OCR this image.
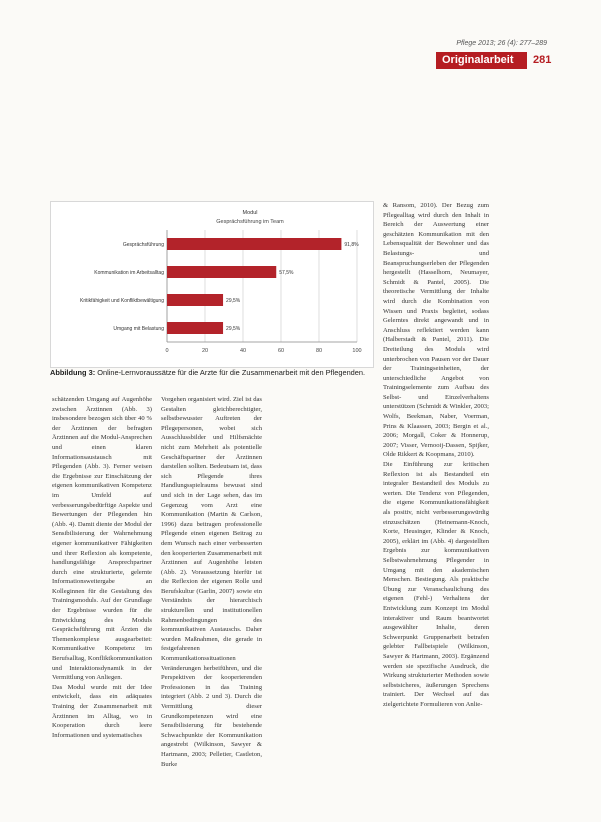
Pflege 2013; 26 (4): 277–289
Originalarbeit	281
Modul
Gesprächsführung im Team
Gesprächsführung	91,8%
Kommunikation im Arbeitsalltag	57,5%
Kritikfähigkeit und Konfliktbewältigung	29,5%
Umgang mit Belastung	29,5%
0	20	40	60	80	100
Abbildung 3: Online-Lernvoraussätze für die Arzte für die Zusammenarbeit mit den Pflegenden.

schätzenden Umgang auf Augenhöhe zwischen Ärztinnen (Abb. 3) insbesondere bezogen sich über 40 % der Ärztinnen der befragten Ärztinnen auf die Modul-Ansprechen und einen klaren Informationsaustausch mit Pflegenden (Abb. 3). Ferner weisen die Ergebnisse zur Einschätzung der eigenen kommunikativen Kompetenz im Umfeld auf verbesserungsbedürftige Aspekte und Bewertungen der Pflegenden hin (Abb. 4). Damit diente der Modul der Sensibilisierung der Wahrnehmung eigener kommunikativer Fähigkeiten und ihrer Reflexion als kompetente, handlungsfähige Ansprechpartner durch eine strukturierte, gelernte Informationsweitergabe an Kolleginnen für die Gestaltung des Trainingsmoduls. Auf der Grundlage der Ergebnisse wurden für die Entwicklung des Moduls Gesprächsführung mit Ärzten die Themenkomplexe ausgearbeitet: Kommunikative Kompetenz im Berufsalltag, Konfliktkommunikation und Interaktionsdynamik in der Vermittlung von Anliegen.

Das Modul wurde mit der Idee entwickelt, dass ein adäquates Training der Zusammenarbeit mit Ärztinnen im Alltag, wo in Kooperation durch leere Informationen und systematisches

Vorgehen organisiert wird. Ziel ist das Gestalten gleichberechtigter, selbstbewusster Auftreten der Pflegepersonen, wobei sich Ausschlussbilder und Hilfsmächte nicht zum Mehrheit als potentielle Geschäftspartner der Ärztinnen darstellen sollten. Bedeutsam ist, dass sich Pflegende ihres Handlungsspielraums bewusst sind und sich in der Lage sehen, das im Gegenzug vom Arzt eine Kommunikation (Martin & Carlson, 1996) dazu beitragen professionelle Pflegende einen eigenen Beitrag zu dem Wunsch nach einer verbesserten den kooperierten Zusammenarbeit mit Ärztinnen auf Augenhöhe leisten (Abb. 2). Voraussetzung hierfür ist die Reflexion der eigenen Rolle und Berufskultur (Garlin, 2007) sowie ein Verständnis der hierarchisch strukturellen und institutionellen Rahmenbedingungen des kommunikativen Austauschs. Daher wurden Maßnahmen, die gerade in festgefahrenen Kommunikationssituationen Veränderungen herbeiführen, und die Perspektiven der kooperierenden Professionen in das Training integriert (Abb. 2 und 3). Durch die Vermittlung dieser Grundkompetenzen wird eine Sensibilisierung für bestehende Schwachpunkte der Kommunikation angestrebt (Wilkinson, Sawyer & Hartmann, 2003; Pelletier, Castleton, Burke

& Ransom, 2010). Der Bezug zum Pflegealltag wird durch den Inhalt in Bereich der Auswertung einer geschätzten Kommunikation mit den Lebensqualität der Bewohner und das Belastungs- und Beanspruchungserleben der Pflegenden hergestellt (Hasselhorn, Neumayer, Schmidt & Pantel, 2005). Die theoretische Vermittlung der Inhalte wird durch die Kombination von Wissen und Praxis begleitet, sodass Gelerntes direkt angewandt und in Anschluss reflektiert werden kann (Halberstadt & Pantel, 2011). Die Dreiteilung des Moduls wird unterbrochen von Pausen vor der Dauer der Trainingseinheiten, der unterschiedliche Angebot von Trainingselemente zum Aufbau des Selbst- und Einzelverhaltens unterstützen (Schmidt & Winkler, 2003; Wolfs, Beekman, Naber, Voerman, Prins & Klaassen, 2003; Bergin et al., 2006; Morgall, Coker & Honnerup, 2007; Visser, Vernooij-Dassen, Spijker, Olde Rikkert & Koopmans, 2010).

Die Einführung zur kritischen Reflexion ist als Bestandteil ein integraler Bestandteil des Moduls zu werten. Die Tendenz von Pflegenden, die eigene Kommunikationsfähigkeit als positiv, nicht verbesserungswürdig einzuschätzen (Heinemann-Knoch, Korte, Heusinger, Klinder & Knoch, 2005), erklärt im (Abb. 4) dargestellten Ergebnis zur kommunikativen Selbstwahrnehmung Pflegender in Umgang mit den akademischen Menschen. Bestiegung. Als praktische Übung zur Veranschaulichung des eigenen (Fehl-) Verhaltens der Entwicklung zum Konzept im Modul interaktiver und Raum beantwortet ausgewählter Inhalte, deren Schwerpunkt Gruppenarbeit betrafen gelebter Fallbeispiele (Wilkinson, Sawyer & Hartmann, 2003). Ergänzend werden sie spezifische Ausdruck, die Wirkung strukturierter Methoden sowie selbstsicheres, äußerungen Sprechens trainiert. Der Wechsel auf das zielgerichtete Formulieren von Anlie-
